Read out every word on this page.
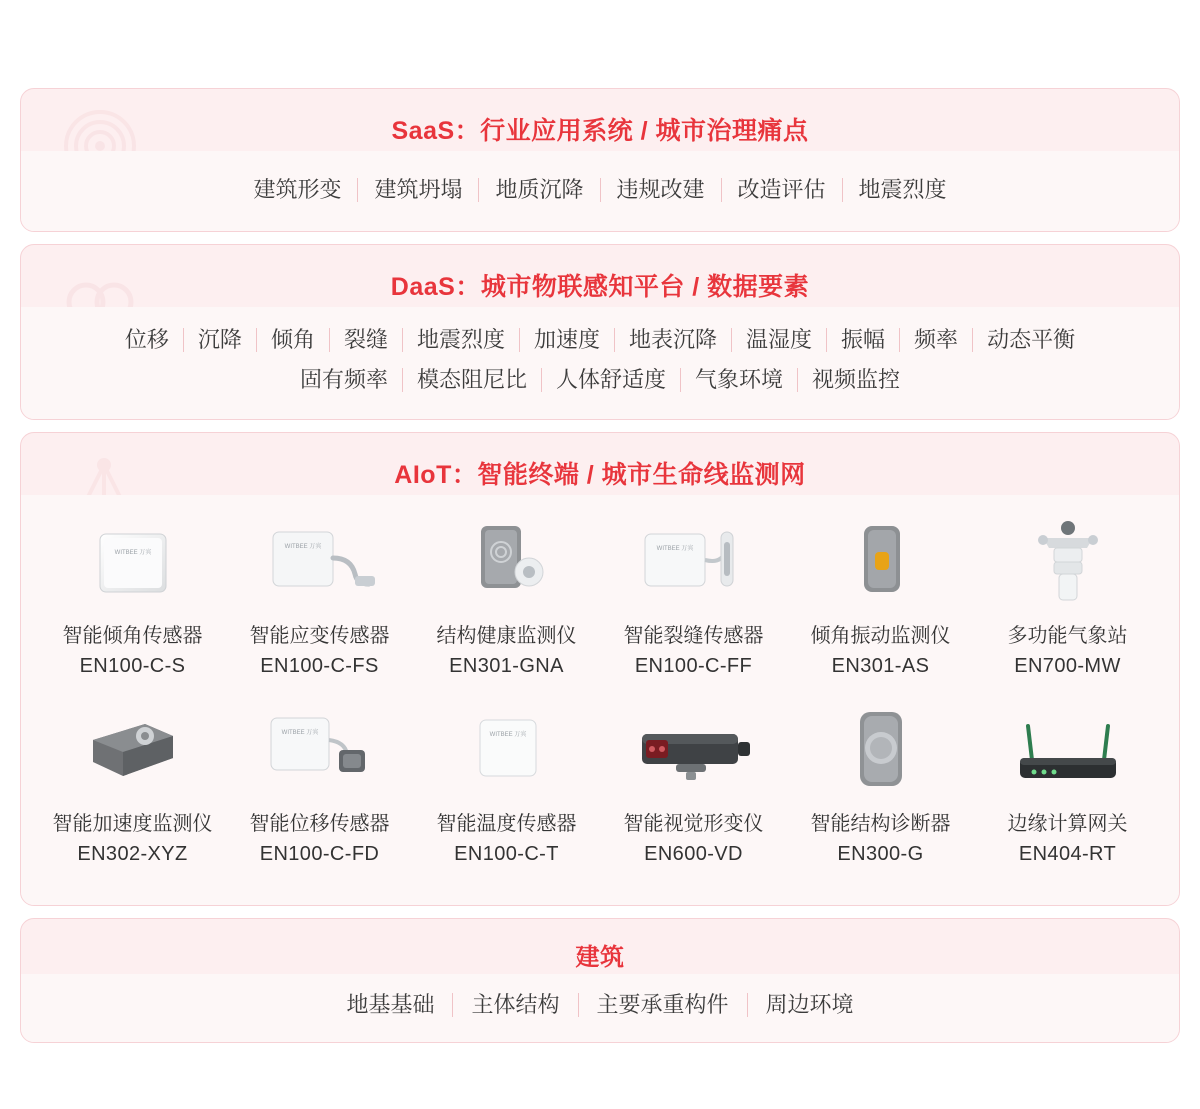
SaaS：行业应用系统 / 城市治理痛点
建筑形变	建筑坍塌	地质沉降	违规改建	改造评估	地震烈度
DaaS：城市物联感知平台 / 数据要素
位移	沉降	倾角	裂缝	地震烈度	加速度	地表沉降	温湿度	振幅	频率	动态平衡
固有频率	模态阻尼比	人体舒适度	气象环境	视频监控
AIoT：智能终端 / 城市生命线监测网
WITBEE 万宾
智能倾角传感器
EN100-C-S
WITBEE 万宾
智能应变传感器
EN100-C-FS
结构健康监测仪
EN301-GNA
WITBEE 万宾
智能裂缝传感器
EN100-C-FF
倾角振动监测仪
EN301-AS
多功能气象站
EN700-MW
智能加速度监测仪
EN302-XYZ
WITBEE 万宾
智能位移传感器
EN100-C-FD
WITBEE 万宾
智能温度传感器
EN100-C-T
智能视觉形变仪
EN600-VD
智能结构诊断器
EN300-G
边缘计算网关
EN404-RT
建筑
地基基础	主体结构	主要承重构件	周边环境
